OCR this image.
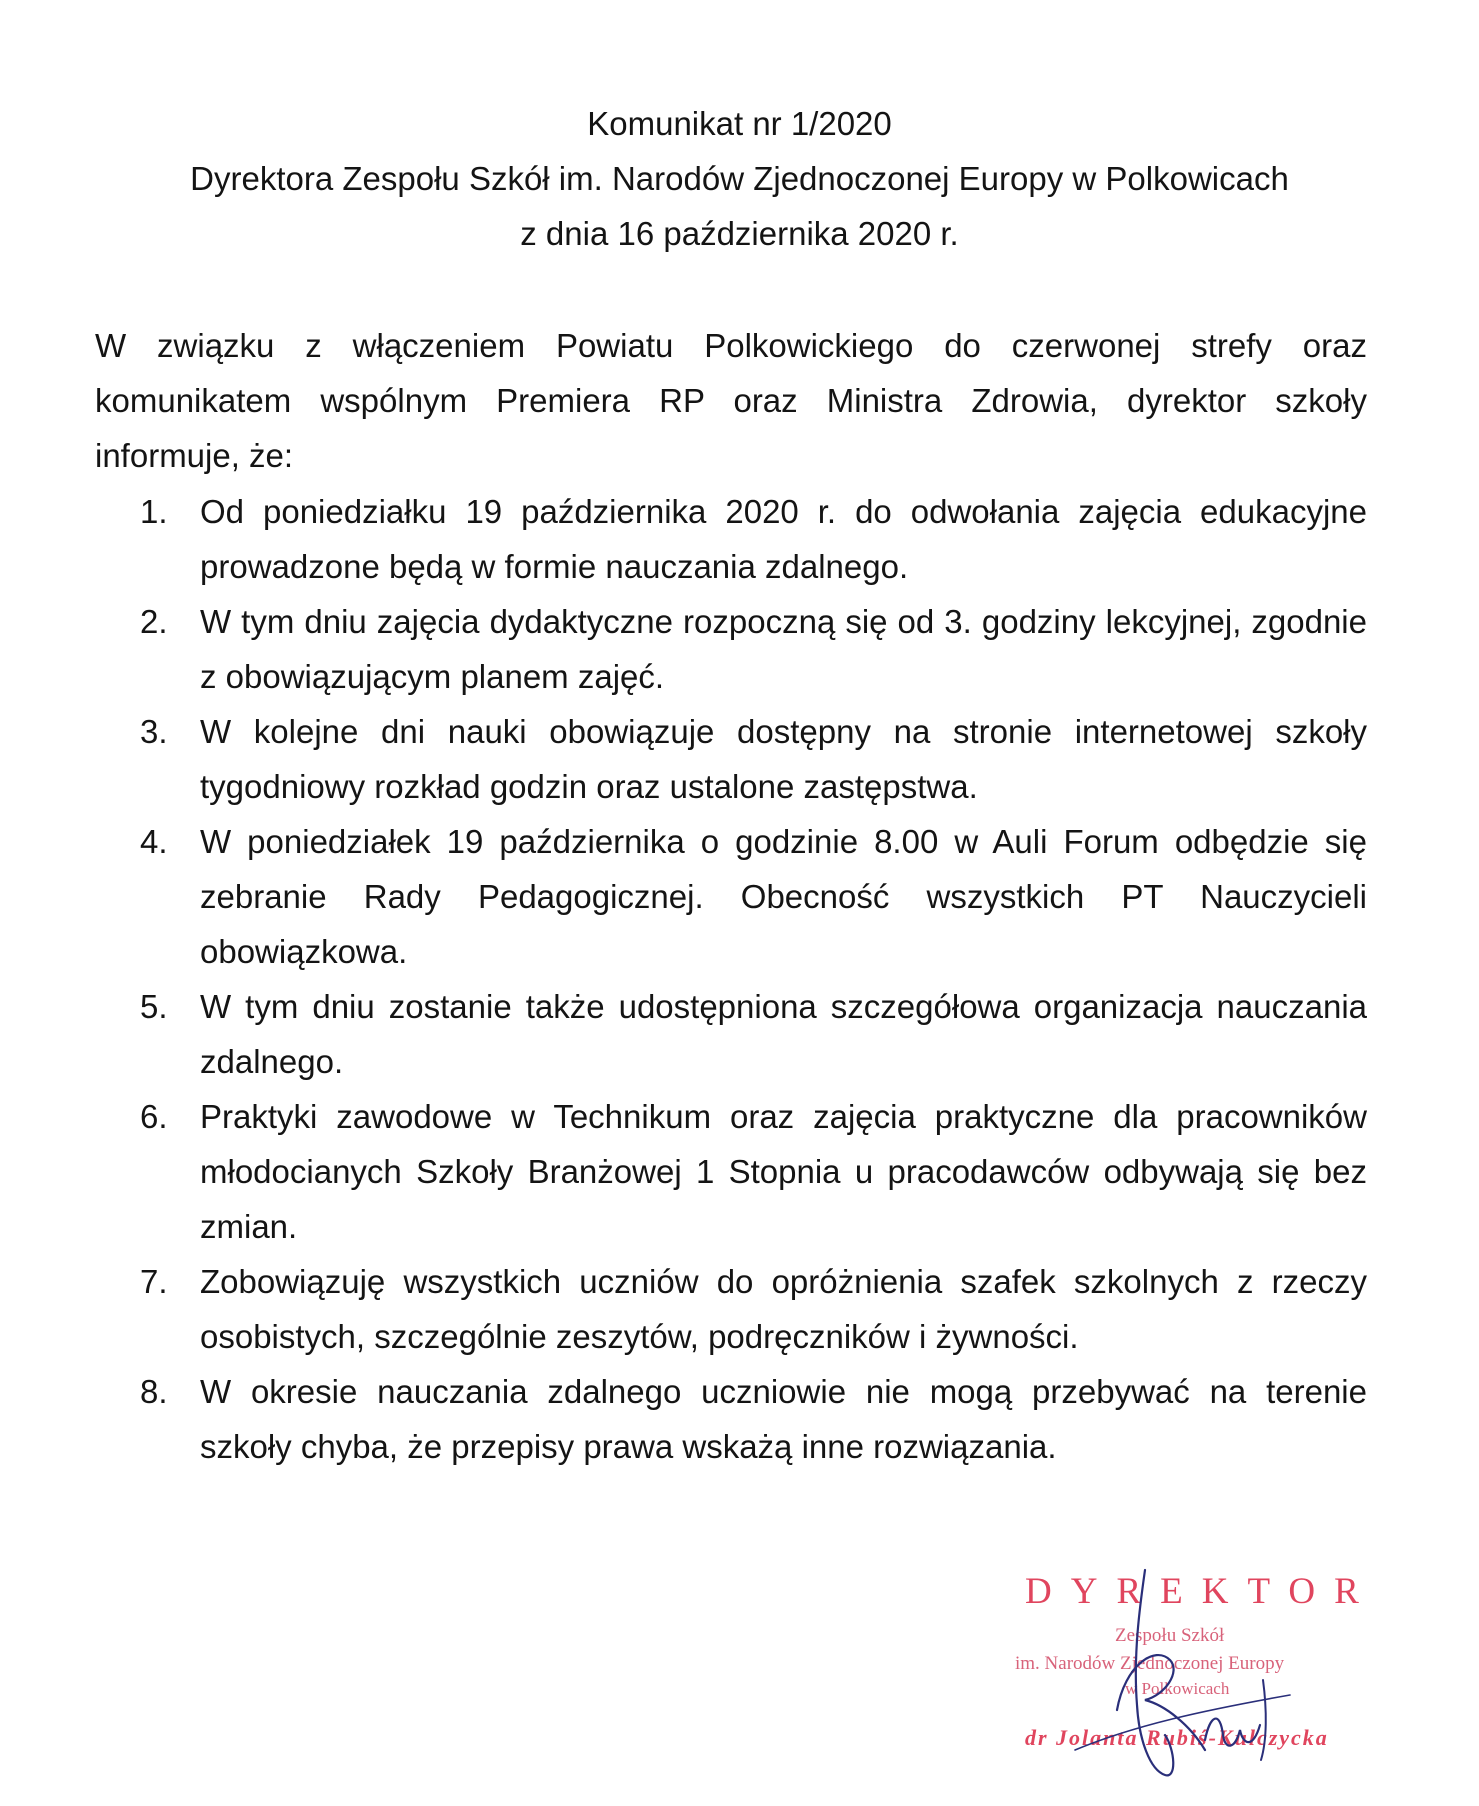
Komunikat nr 1/2020
Dyrektora Zespołu Szkół im. Narodów Zjednoczonej Europy w Polkowicach
z dnia 16 października 2020 r.
W związku z włączeniem Powiatu Polkowickiego do czerwonej strefy oraz
komunikatem wspólnym Premiera RP oraz Ministra Zdrowia, dyrektor szkoły
informuje, że:
1. Od poniedziałku 19 października 2020 r. do odwołania zajęcia edukacyjne prowadzone będą w formie nauczania zdalnego.
2. W tym dniu zajęcia dydaktyczne rozpoczną się od 3. godziny lekcyjnej, zgodnie z obowiązującym planem zajęć.
3. W kolejne dni nauki obowiązuje dostępny na stronie internetowej szkoły tygodniowy rozkład godzin oraz ustalone zastępstwa.
4. W poniedziałek 19 października o godzinie 8.00 w Auli Forum odbędzie się zebranie Rady Pedagogicznej. Obecność wszystkich PT Nauczycieli obowiązkowa.
5. W tym dniu zostanie także udostępniona szczegółowa organizacja nauczania zdalnego.
6. Praktyki zawodowe w Technikum oraz zajęcia praktyczne dla pracowników młodocianych Szkoły Branżowej 1 Stopnia u pracodawców odbywają się bez zmian.
7. Zobowiązuję wszystkich uczniów do opróżnienia szafek szkolnych z rzeczy osobistych, szczególnie zeszytów, podręczników i żywności.
8. W okresie nauczania zdalnego uczniowie nie mogą przebywać na terenie szkoły chyba, że przepisy prawa wskażą inne rozwiązania.
DYREKTOR
Zespołu Szkół
im. Narodów Zjednoczonej Europy
w Polkowicach
dr Jolanta Rubiś-Kulczycka
